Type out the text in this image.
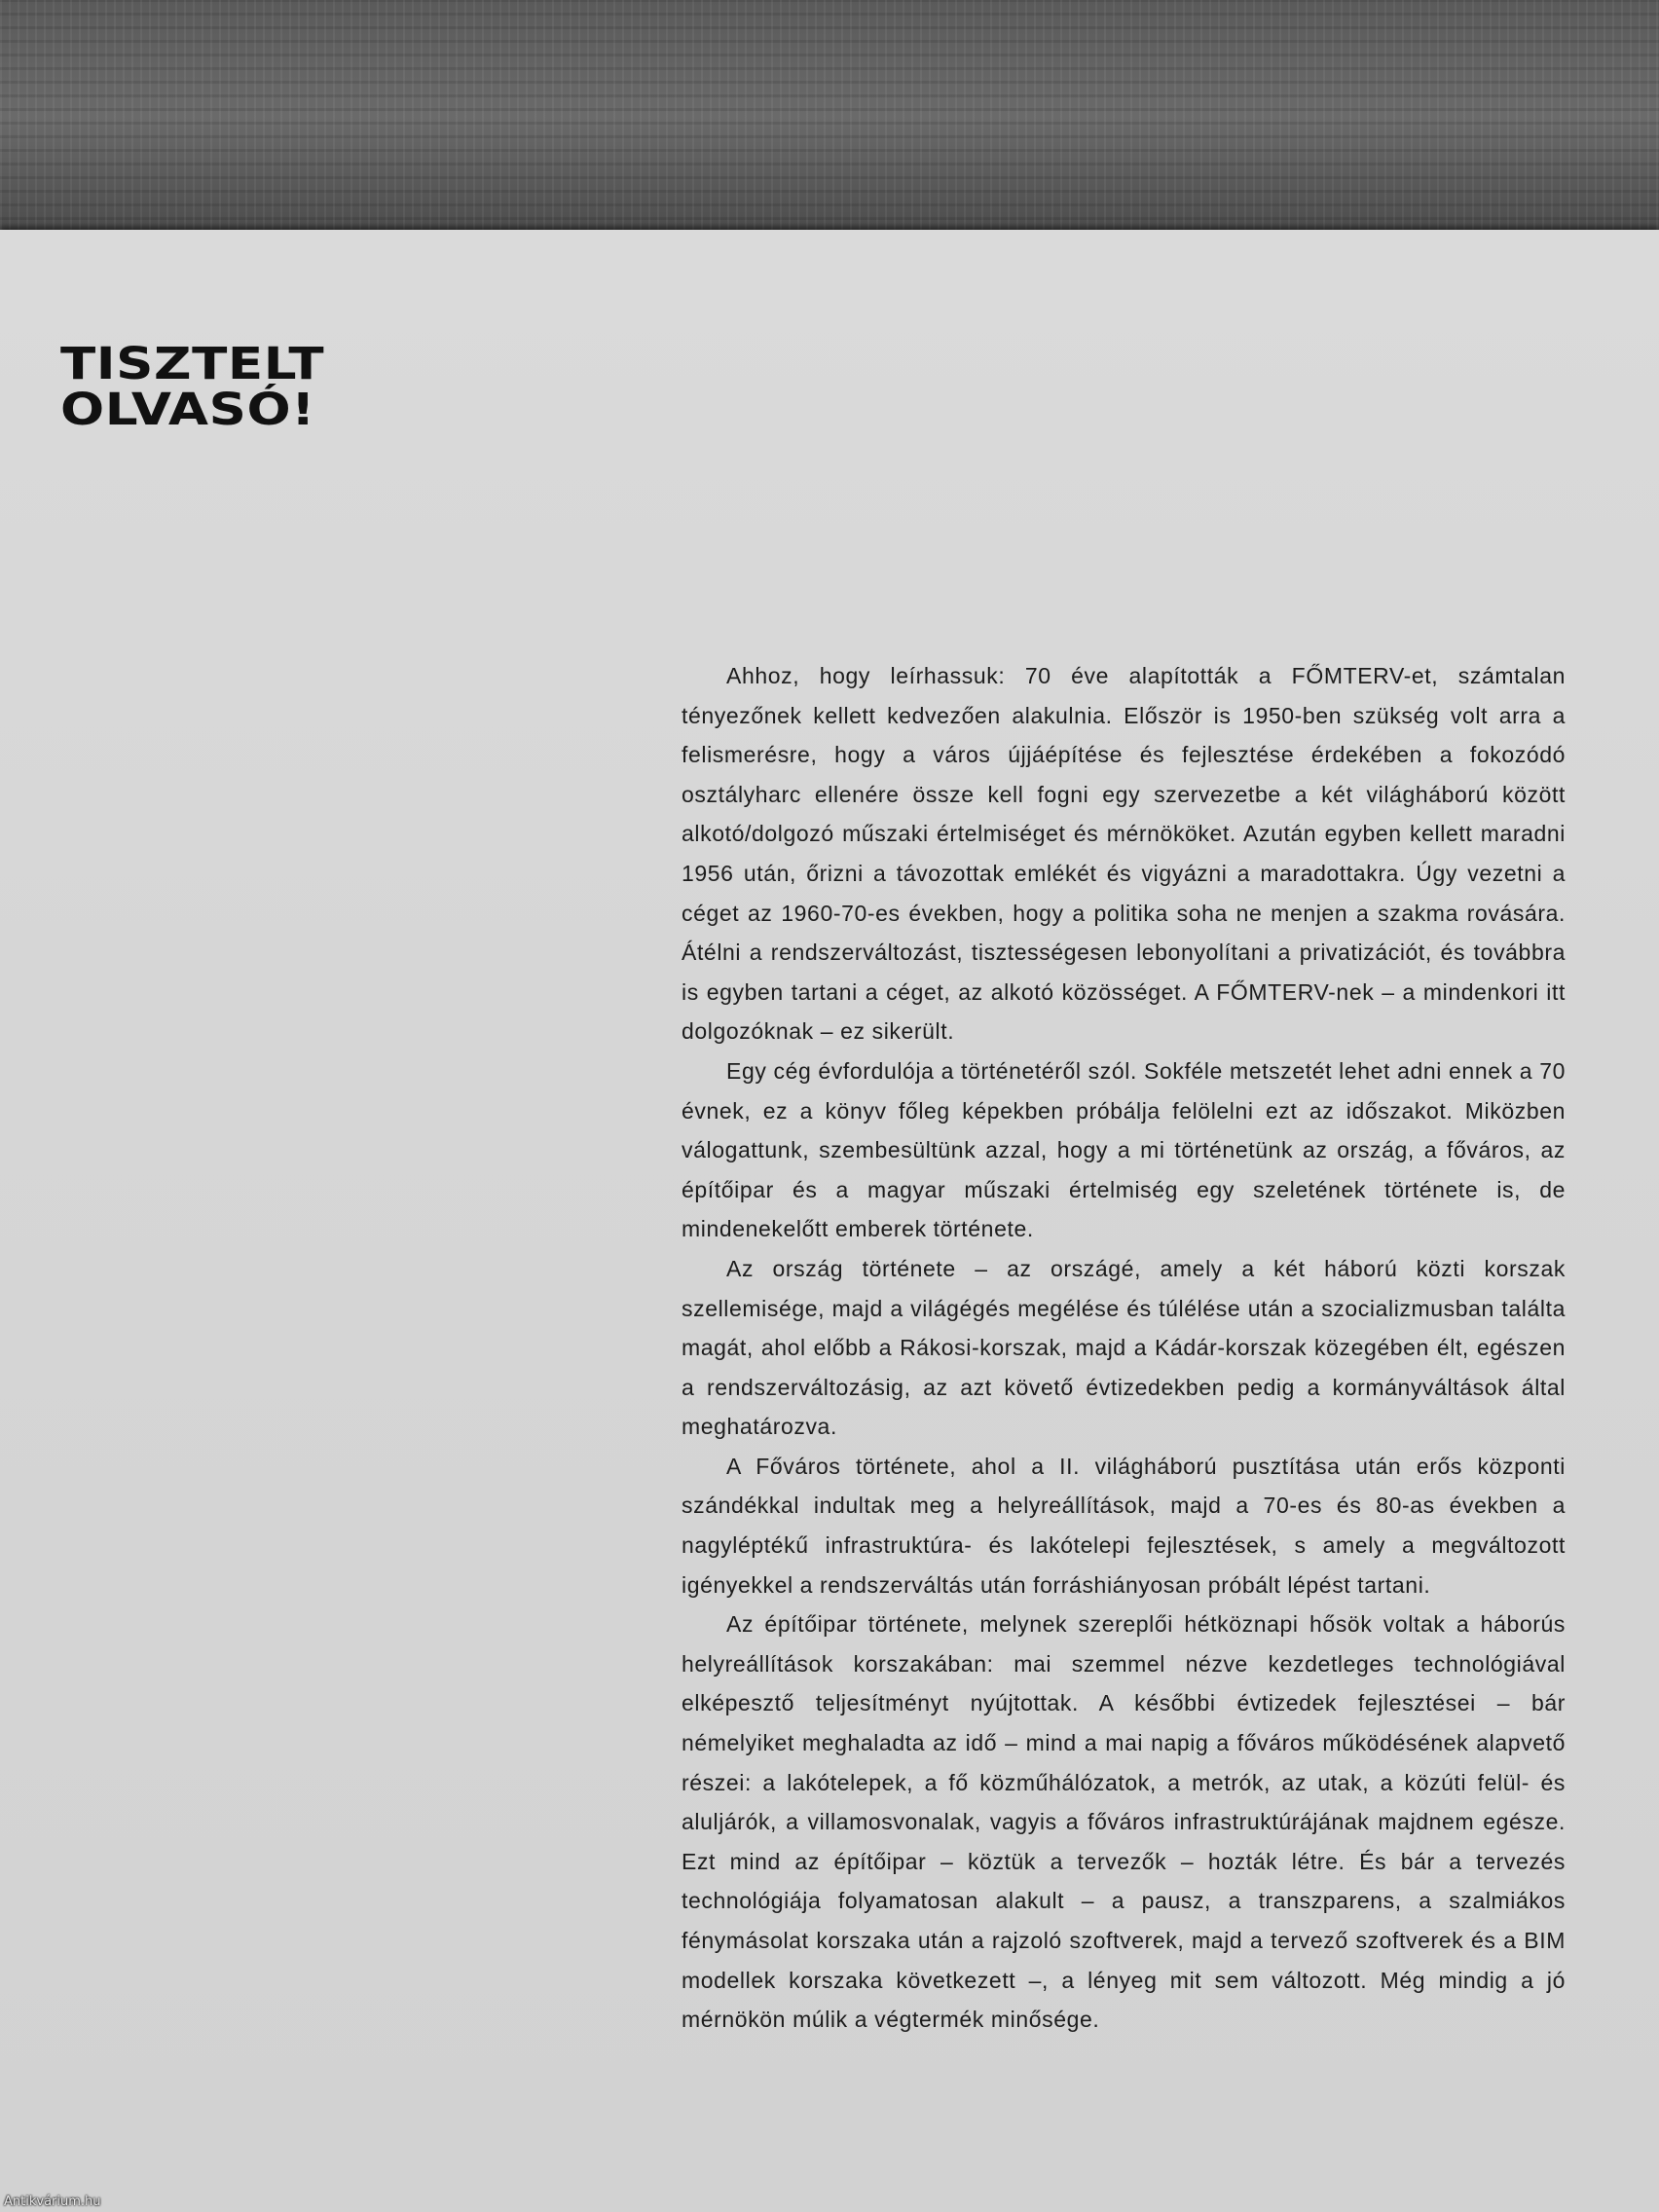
TISZTELT
OLVASÓ!

Ahhoz, hogy leírhassuk: 70 éve alapították a FŐMTERV-et, számtalan tényezőnek kellett kedvezően alakulnia. Először is 1950-ben szükség volt arra a felismerésre, hogy a város újjáépítése és fejlesztése érdekében a fokozódó osztályharc ellenére össze kell fogni egy szervezetbe a két világháború között alkotó/dolgozó műszaki értelmiséget és mérnököket. Azután egyben kellett maradni 1956 után, őrizni a távozottak emlékét és vigyázni a maradottakra. Úgy vezetni a céget az 1960-70-es években, hogy a politika soha ne menjen a szakma rovására. Átélni a rendszerváltozást, tisztességesen lebonyolítani a privatizációt, és továbbra is egyben tartani a céget, az alkotó közösséget. A FŐMTERV-nek – a mindenkori itt dolgozóknak – ez sikerült.

Egy cég évfordulója a történetéről szól. Sokféle metszetét lehet adni ennek a 70 évnek, ez a könyv főleg képekben próbálja felölelni ezt az időszakot. Miközben válogattunk, szembesültünk azzal, hogy a mi történetünk az ország, a főváros, az építőipar és a magyar műszaki értelmiség egy szeletének története is, de mindenekelőtt emberek története.

Az ország története – az országé, amely a két háború közti korszak szellemisége, majd a világégés megélése és túlélése után a szocializmusban találta magát, ahol előbb a Rákosi-korszak, majd a Kádár-korszak közegében élt, egészen a rendszerváltozásig, az azt követő évtizedekben pedig a kormányváltások által meghatározva.

A Főváros története, ahol a II. világháború pusztítása után erős központi szándékkal indultak meg a helyreállítások, majd a 70-es és 80-as években a nagyléptékű infrastruktúra- és lakótelepi fejlesztések, s amely a megváltozott igényekkel a rendszerváltás után forráshiányosan próbált lépést tartani.

Az építőipar története, melynek szereplői hétköznapi hősök voltak a háborús helyreállítások korszakában: mai szemmel nézve kezdetleges technológiával elképesztő teljesítményt nyújtottak. A későbbi évtizedek fejlesztései – bár némelyiket meghaladta az idő – mind a mai napig a főváros működésének alapvető részei: a lakótelepek, a fő közműhálózatok, a metrók, az utak, a közúti felül- és aluljárók, a villamosvonalak, vagyis a főváros infrastruktúrájának majdnem egésze. Ezt mind az építőipar – köztük a tervezők – hozták létre. És bár a tervezés technológiája folyamatosan alakult – a pausz, a transzparens, a szalmiákos fénymásolat korszaka után a rajzoló szoftverek, majd a tervező szoftverek és a BIM modellek korszaka következett –, a lényeg mit sem változott. Még mindig a jó mérnökön múlik a végtermék minősége.

Antikvárium.hu
